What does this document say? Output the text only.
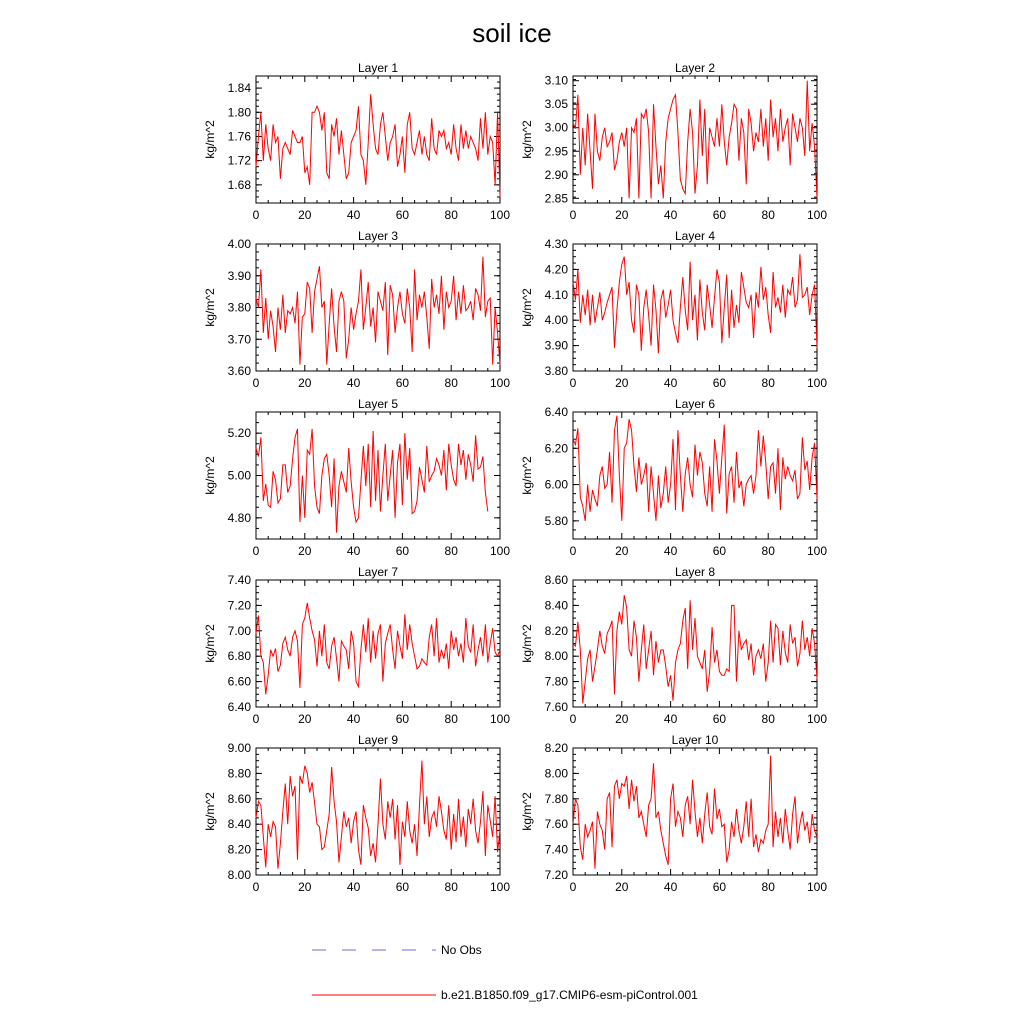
soil ice
Layer 1
kg/m^2
0	20	40	60	80	100
1.68
1.72
1.76
1.80
1.84
Layer 2
kg/m^2
0	20	40	60	80	100
2.85
2.90
2.95
3.00
3.05
3.10
Layer 3
kg/m^2
0	20	40	60	80	100
3.60
3.70
3.80
3.90
4.00
Layer 4
kg/m^2
0	20	40	60	80	100
3.80
3.90
4.00
4.10
4.20
4.30
Layer 5
kg/m^2
0	20	40	60	80	100
4.80
5.00
5.20
Layer 6
kg/m^2
0	20	40	60	80	100
5.80
6.00
6.20
6.40
Layer 7
kg/m^2
0	20	40	60	80	100
6.40
6.60
6.80
7.00
7.20
7.40
Layer 8
kg/m^2
0	20	40	60	80	100
7.60
7.80
8.00
8.20
8.40
8.60
Layer 9
kg/m^2
0	20	40	60	80	100
8.00
8.20
8.40
8.60
8.80
9.00
Layer 10
kg/m^2
0	20	40	60	80	100
7.20
7.40
7.60
7.80
8.00
8.20
No Obs
b.e21.B1850.f09_g17.CMIP6-esm-piControl.001
